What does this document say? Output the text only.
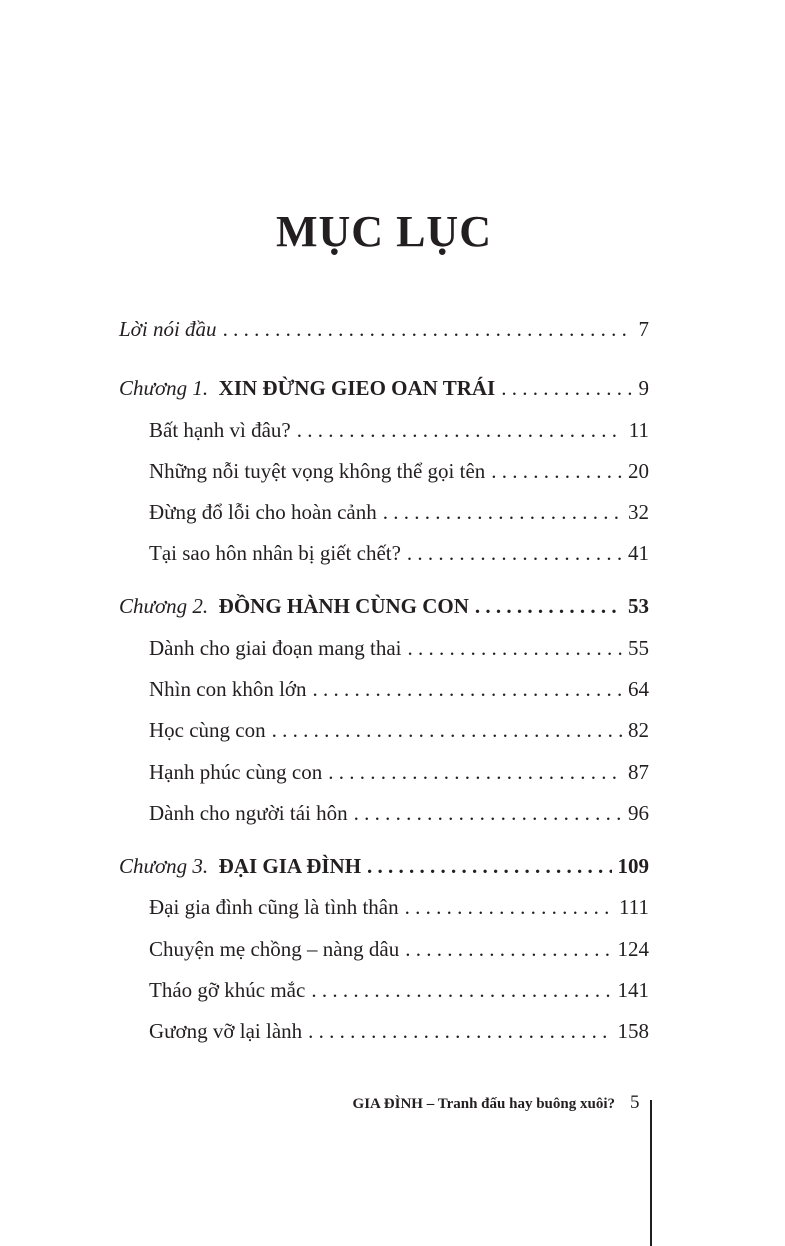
MỤC LỤC
Lời nói đầu . . .	7
Chương 1. XIN ĐỪNG GIEO OAN TRÁI . . .	9
Bất hạnh vì đâu? . . .	11
Những nỗi tuyệt vọng không thể gọi tên . . .	20
Đừng đổ lỗi cho hoàn cảnh . . .	32
Tại sao hôn nhân bị giết chết? . . .	41
Chương 2. ĐỒNG HÀNH CÙNG CON . . .	53
Dành cho giai đoạn mang thai . . .	55
Nhìn con khôn lớn . . .	64
Học cùng con . . .	82
Hạnh phúc cùng con . . .	87
Dành cho người tái hôn . . .	96
Chương 3. ĐẠI GIA ĐÌNH . . .	109
Đại gia đình cũng là tình thân . . .	111
Chuyện mẹ chồng – nàng dâu . . .	124
Tháo gỡ khúc mắc . . .	141
Gương vỡ lại lành . . .	158
GIA ĐÌNH – Tranh đấu hay buông xuôi? 5
